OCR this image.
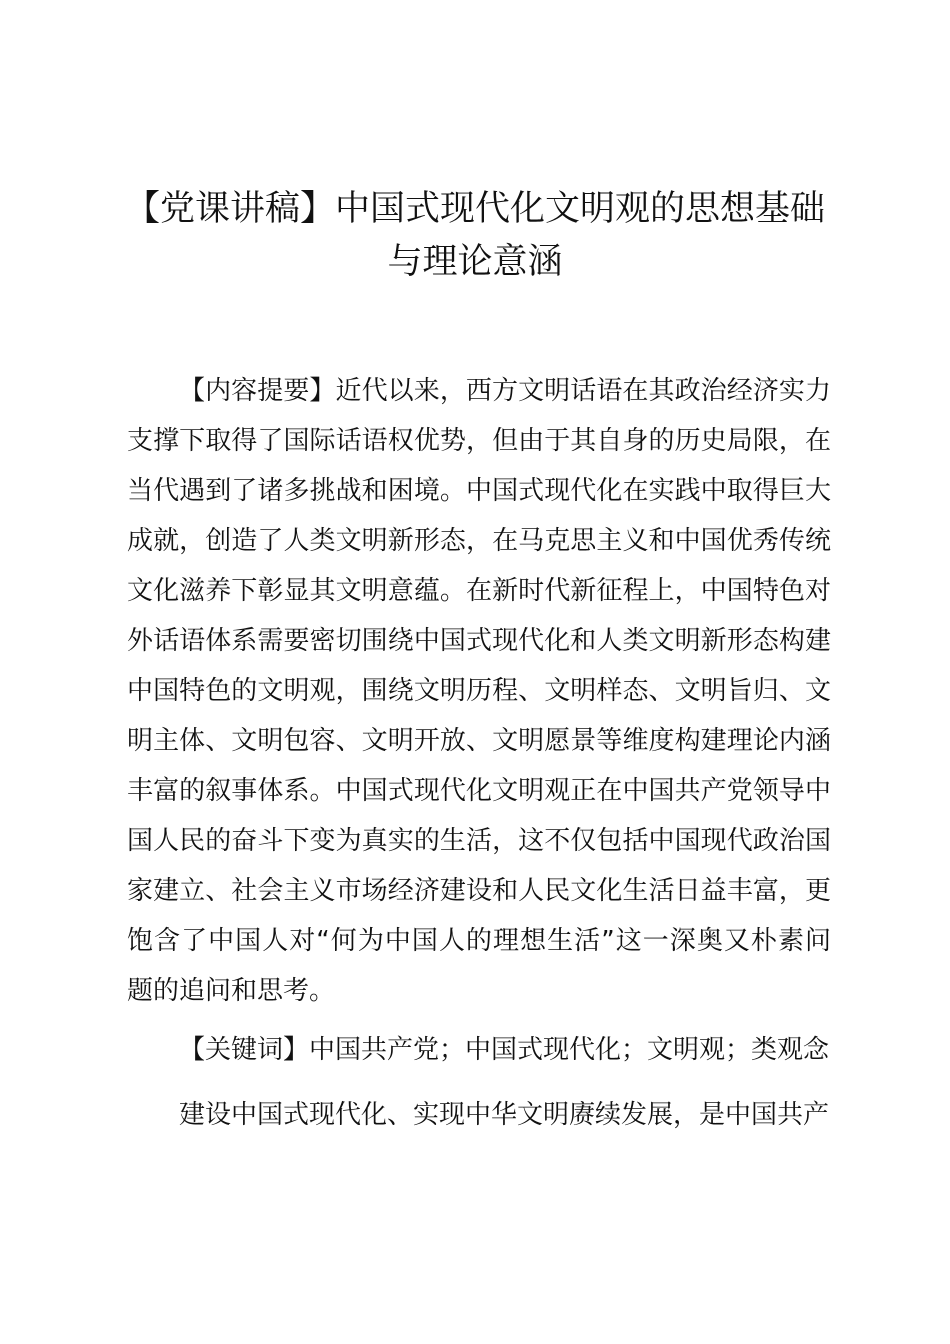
【党课讲稿】中国式现代化文明观的思想基础
与理论意涵

【内容提要】近代以来，西方文明话语在其政治经济实力
支撑下取得了国际话语权优势，但由于其自身的历史局限，在
当代遇到了诸多挑战和困境。中国式现代化在实践中取得巨大
成就，创造了人类文明新形态，在马克思主义和中国优秀传统
文化滋养下彰显其文明意蕴。在新时代新征程上，中国特色对
外话语体系需要密切围绕中国式现代化和人类文明新形态构建
中国特色的文明观，围绕文明历程、文明样态、文明旨归、文
明主体、文明包容、文明开放、文明愿景等维度构建理论内涵
丰富的叙事体系。中国式现代化文明观正在中国共产党领导中
国人民的奋斗下变为真实的生活，这不仅包括中国现代政治国
家建立、社会主义市场经济建设和人民文化生活日益丰富，更
饱含了中国人对“何为中国人的理想生活”这一深奥又朴素问
题的追问和思考。

【关键词】中国共产党；中国式现代化；文明观；类观念

建设中国式现代化、实现中华文明赓续发展，是中国共产
